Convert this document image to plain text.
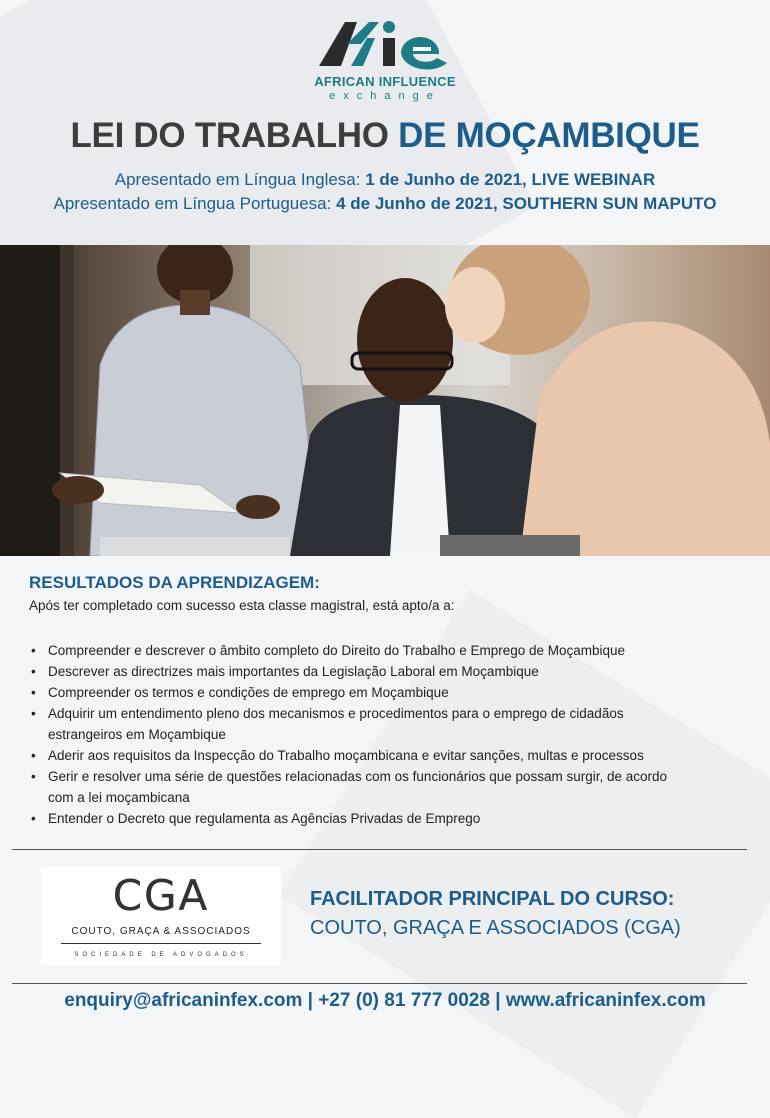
AFRICAN INFLUENCE
exchange
LEI DO TRABALHO DE MOÇAMBIQUE
Apresentado em Língua Inglesa: 1 de Junho de 2021, LIVE WEBINAR
Apresentado em Língua Portuguesa: 4 de Junho de 2021, SOUTHERN SUN MAPUTO
RESULTADOS DA APRENDIZAGEM:
Após ter completado com sucesso esta classe magistral, está apto/a a:
• Compreender e descrever o âmbito completo do Direito do Trabalho e Emprego de Moçambique
• Descrever as directrizes mais importantes da Legislação Laboral em Moçambique
• Compreender os termos e condições de emprego em Moçambique
• Adquirir um entendimento pleno dos mecanismos e procedimentos para o emprego de cidadãos estrangeiros em Moçambique
• Aderir aos requisitos da Inspecção do Trabalho moçambicana e evitar sanções, multas e processos
• Gerir e resolver uma série de questões relacionadas com os funcionários que possam surgir, de acordo com a lei moçambicana
• Entender o Decreto que regulamenta as Agências Privadas de Emprego
CGA
COUTO, GRAÇA & ASSOCIADOS
SOCIEDADE DE ADVOGADOS
FACILITADOR PRINCIPAL DO CURSO:
COUTO, GRAÇA E ASSOCIADOS (CGA)
enquiry@africaninfex.com | +27 (0) 81 777 0028 | www.africaninfex.com
